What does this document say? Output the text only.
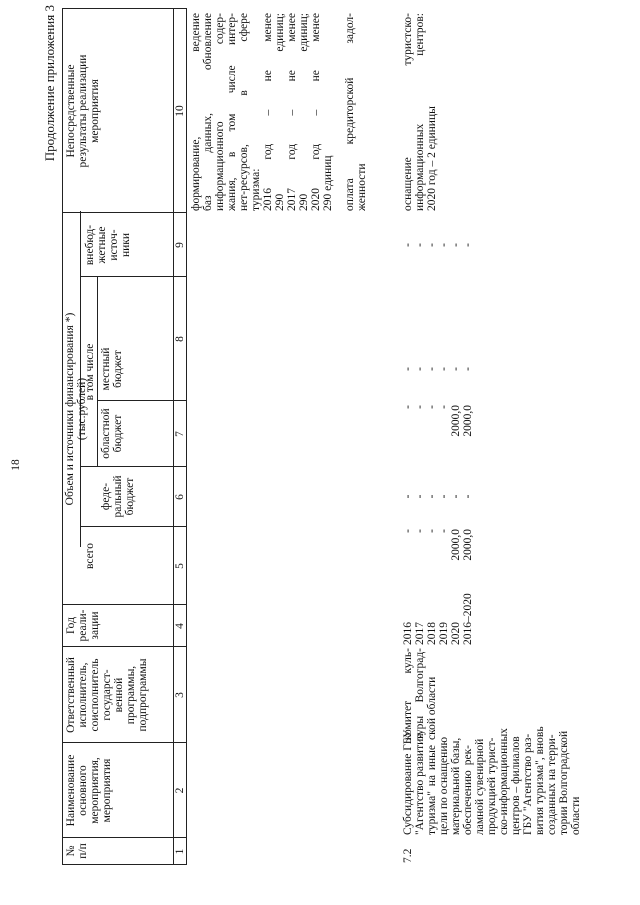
18
Продолжение приложения 3
№ п/п
Наименование основного мероприятия, мероприятия
Ответственный исполнитель, соисполнитель государст- венной программы, подпрограммы
Год реали- зации
Объем и источники финансирования *) (тыс.рублей)
всего
в том числе
феде- ральный бюджет
областной бюджет
местный бюджет
внебюд- жетные источ- ники
Непосредственные результаты реализации мероприятия
1
2
3
4
5
6
7
8
9
10 формирование, ведение баз данных, обновление информационного содер- жания, в том числе интер- нет-ресурсов, в сфере туризма: 2016 год – не менее 290 единиц; 2017 год – не менее 290 единиц; 2020 год – не менее 290 единиц оплата кредиторской задол- женности
7.2
Субсидирование ГБУ "Агентство развития туризма" на иные цели по оснащению материальной базы, обеспечению рек- ламной сувенирной продукцией турист- ско-информационных центров – филиалов ГБУ "Агентство раз- вития туризма", вновь созданных на терри- тории Волгоградской области
комитет куль- туры Волгоград- ской области
2016 2017 2018 2019 2020 2016–2020
- - - - 2000,0 2000,0
- - - - - -
- - - - 2000,0 2000,0
- - - - - -
- - - - - -
оснащение туристско- информационных центров: 2020 год – 2 единицы
